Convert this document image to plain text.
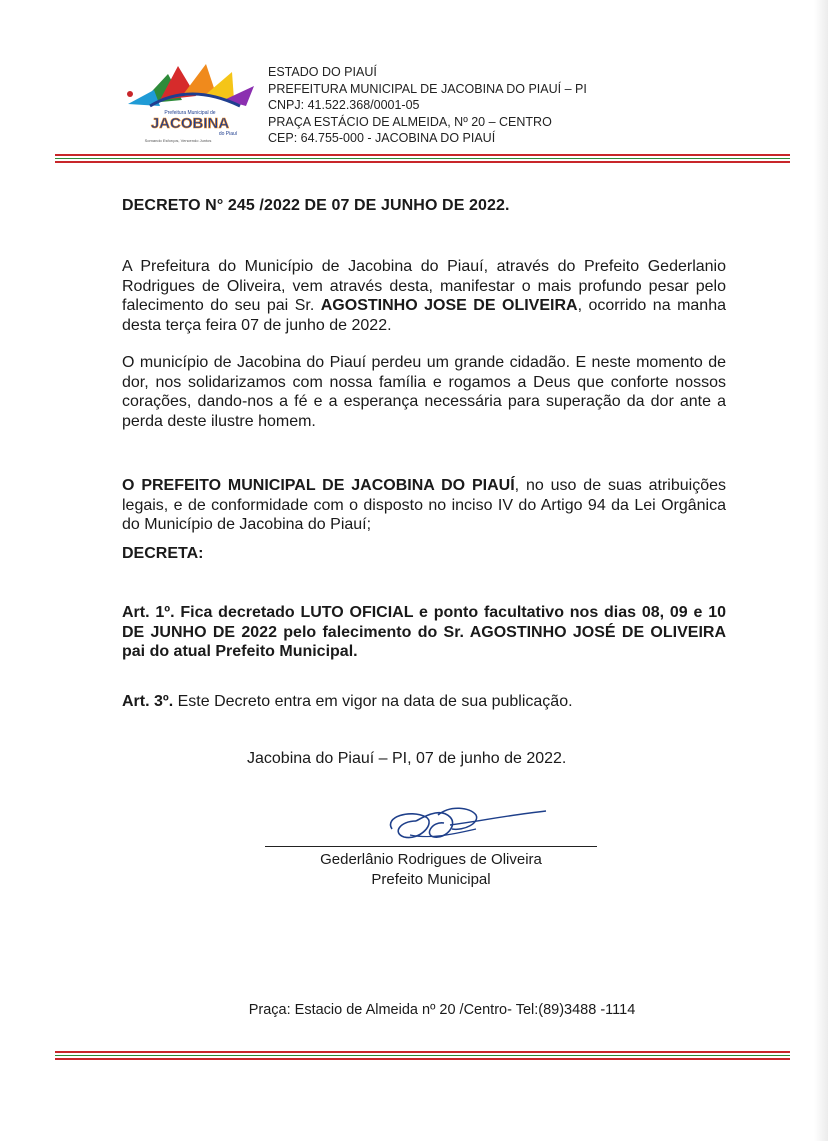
Prefeitura Municipal de
JACOBINA
do Piauí
Somando Esforços, Vencendo Juntos
ESTADO DO PIAUÍ
PREFEITURA MUNICIPAL DE JACOBINA DO PIAUÍ – PI
CNPJ: 41.522.368/0001-05
PRAÇA ESTÁCIO DE ALMEIDA, Nº 20 – CENTRO
CEP: 64.755-000 - JACOBINA DO PIAUÍ
DECRETO N° 245 /2022 DE 07 DE JUNHO DE 2022.
A Prefeitura do Município de Jacobina do Piauí, através do Prefeito Gederlanio Rodrigues de Oliveira, vem através desta, manifestar o mais profundo pesar pelo falecimento do seu pai Sr. AGOSTINHO JOSE DE OLIVEIRA, ocorrido na manha desta terça feira 07 de junho de 2022.
O município de Jacobina do Piauí perdeu um grande cidadão. E neste momento de dor, nos solidarizamos com nossa família e rogamos a Deus que conforte nossos corações, dando-nos a fé e a esperança necessária para superação da dor ante a perda deste ilustre homem.
O PREFEITO MUNICIPAL DE JACOBINA DO PIAUÍ, no uso de suas atribuições legais, e de conformidade com o disposto no inciso IV do Artigo 94 da Lei Orgânica do Município de Jacobina do Piauí;
DECRETA:
Art. 1º. Fica decretado LUTO OFICIAL e ponto facultativo nos dias 08, 09 e 10 DE JUNHO DE 2022 pelo falecimento do Sr. AGOSTINHO JOSÉ DE OLIVEIRA pai do atual Prefeito Municipal.
Art. 3º. Este Decreto entra em vigor na data de sua publicação.
Jacobina do Piauí – PI, 07 de junho de 2022.
Gederlânio Rodrigues de Oliveira
Prefeito Municipal
Praça: Estacio de Almeida nº 20 /Centro- Tel:(89)3488 -1114
